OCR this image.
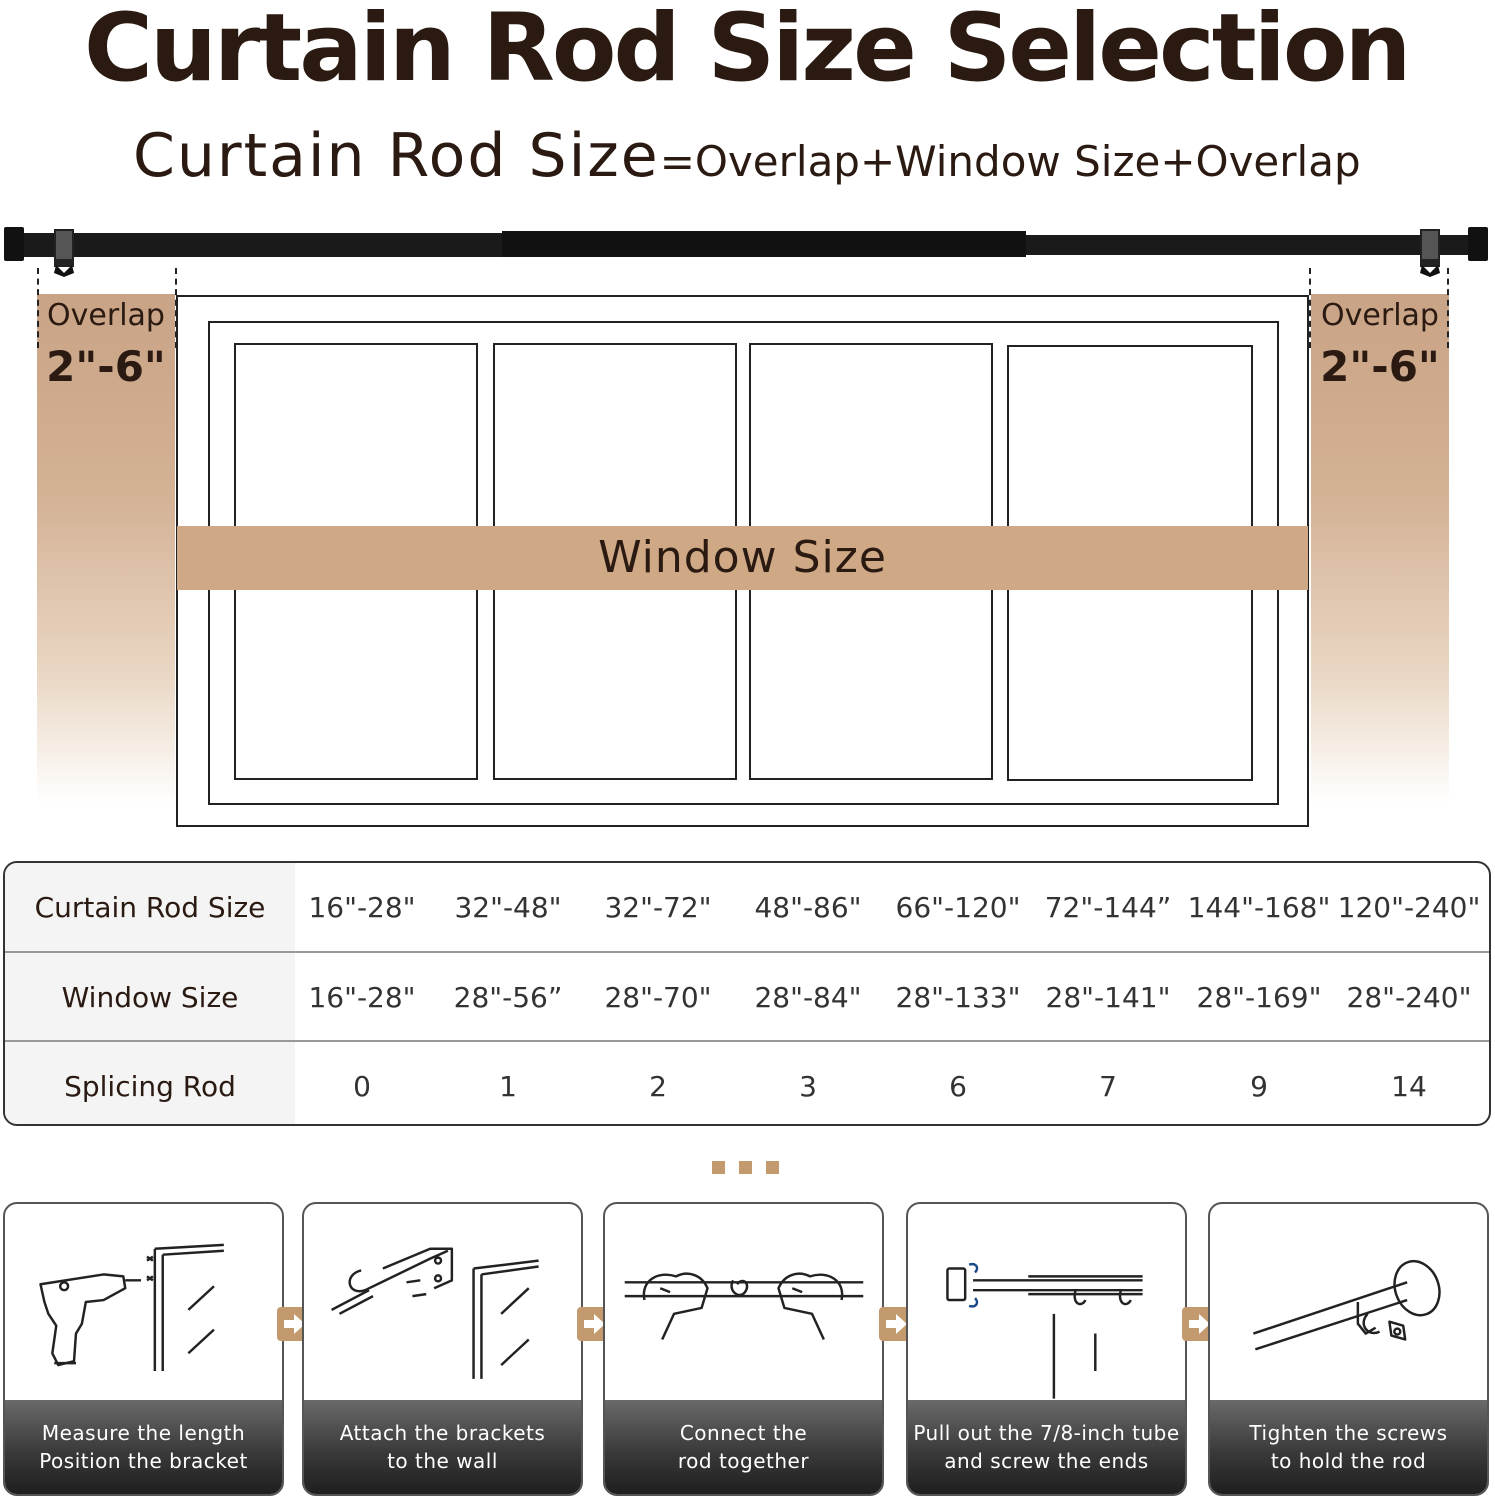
Curtain Rod Size Selection
Curtain Rod Size=Overlap+Window Size+Overlap
Overlap
2"-6"
Overlap
2"-6"
Window Size
Curtain Rod Size	16"-28"	32"-48"	32"-72"	48"-86"	66"-120" 72"-144” 144"-168" 120"-240"
Window Size	16"-28"	28"-56”	28"-70"	28"-84"	28"-133" 28"-141" 28"-169" 28"-240"
Splicing Rod	0	1	2	3	6	7	9	14
Measure the length
Position the bracket
Attach the brackets
to the wall
Connect the
rod together
Pull out the 7/8-inch tube
and screw the ends
Tighten the screws
to hold the rod
